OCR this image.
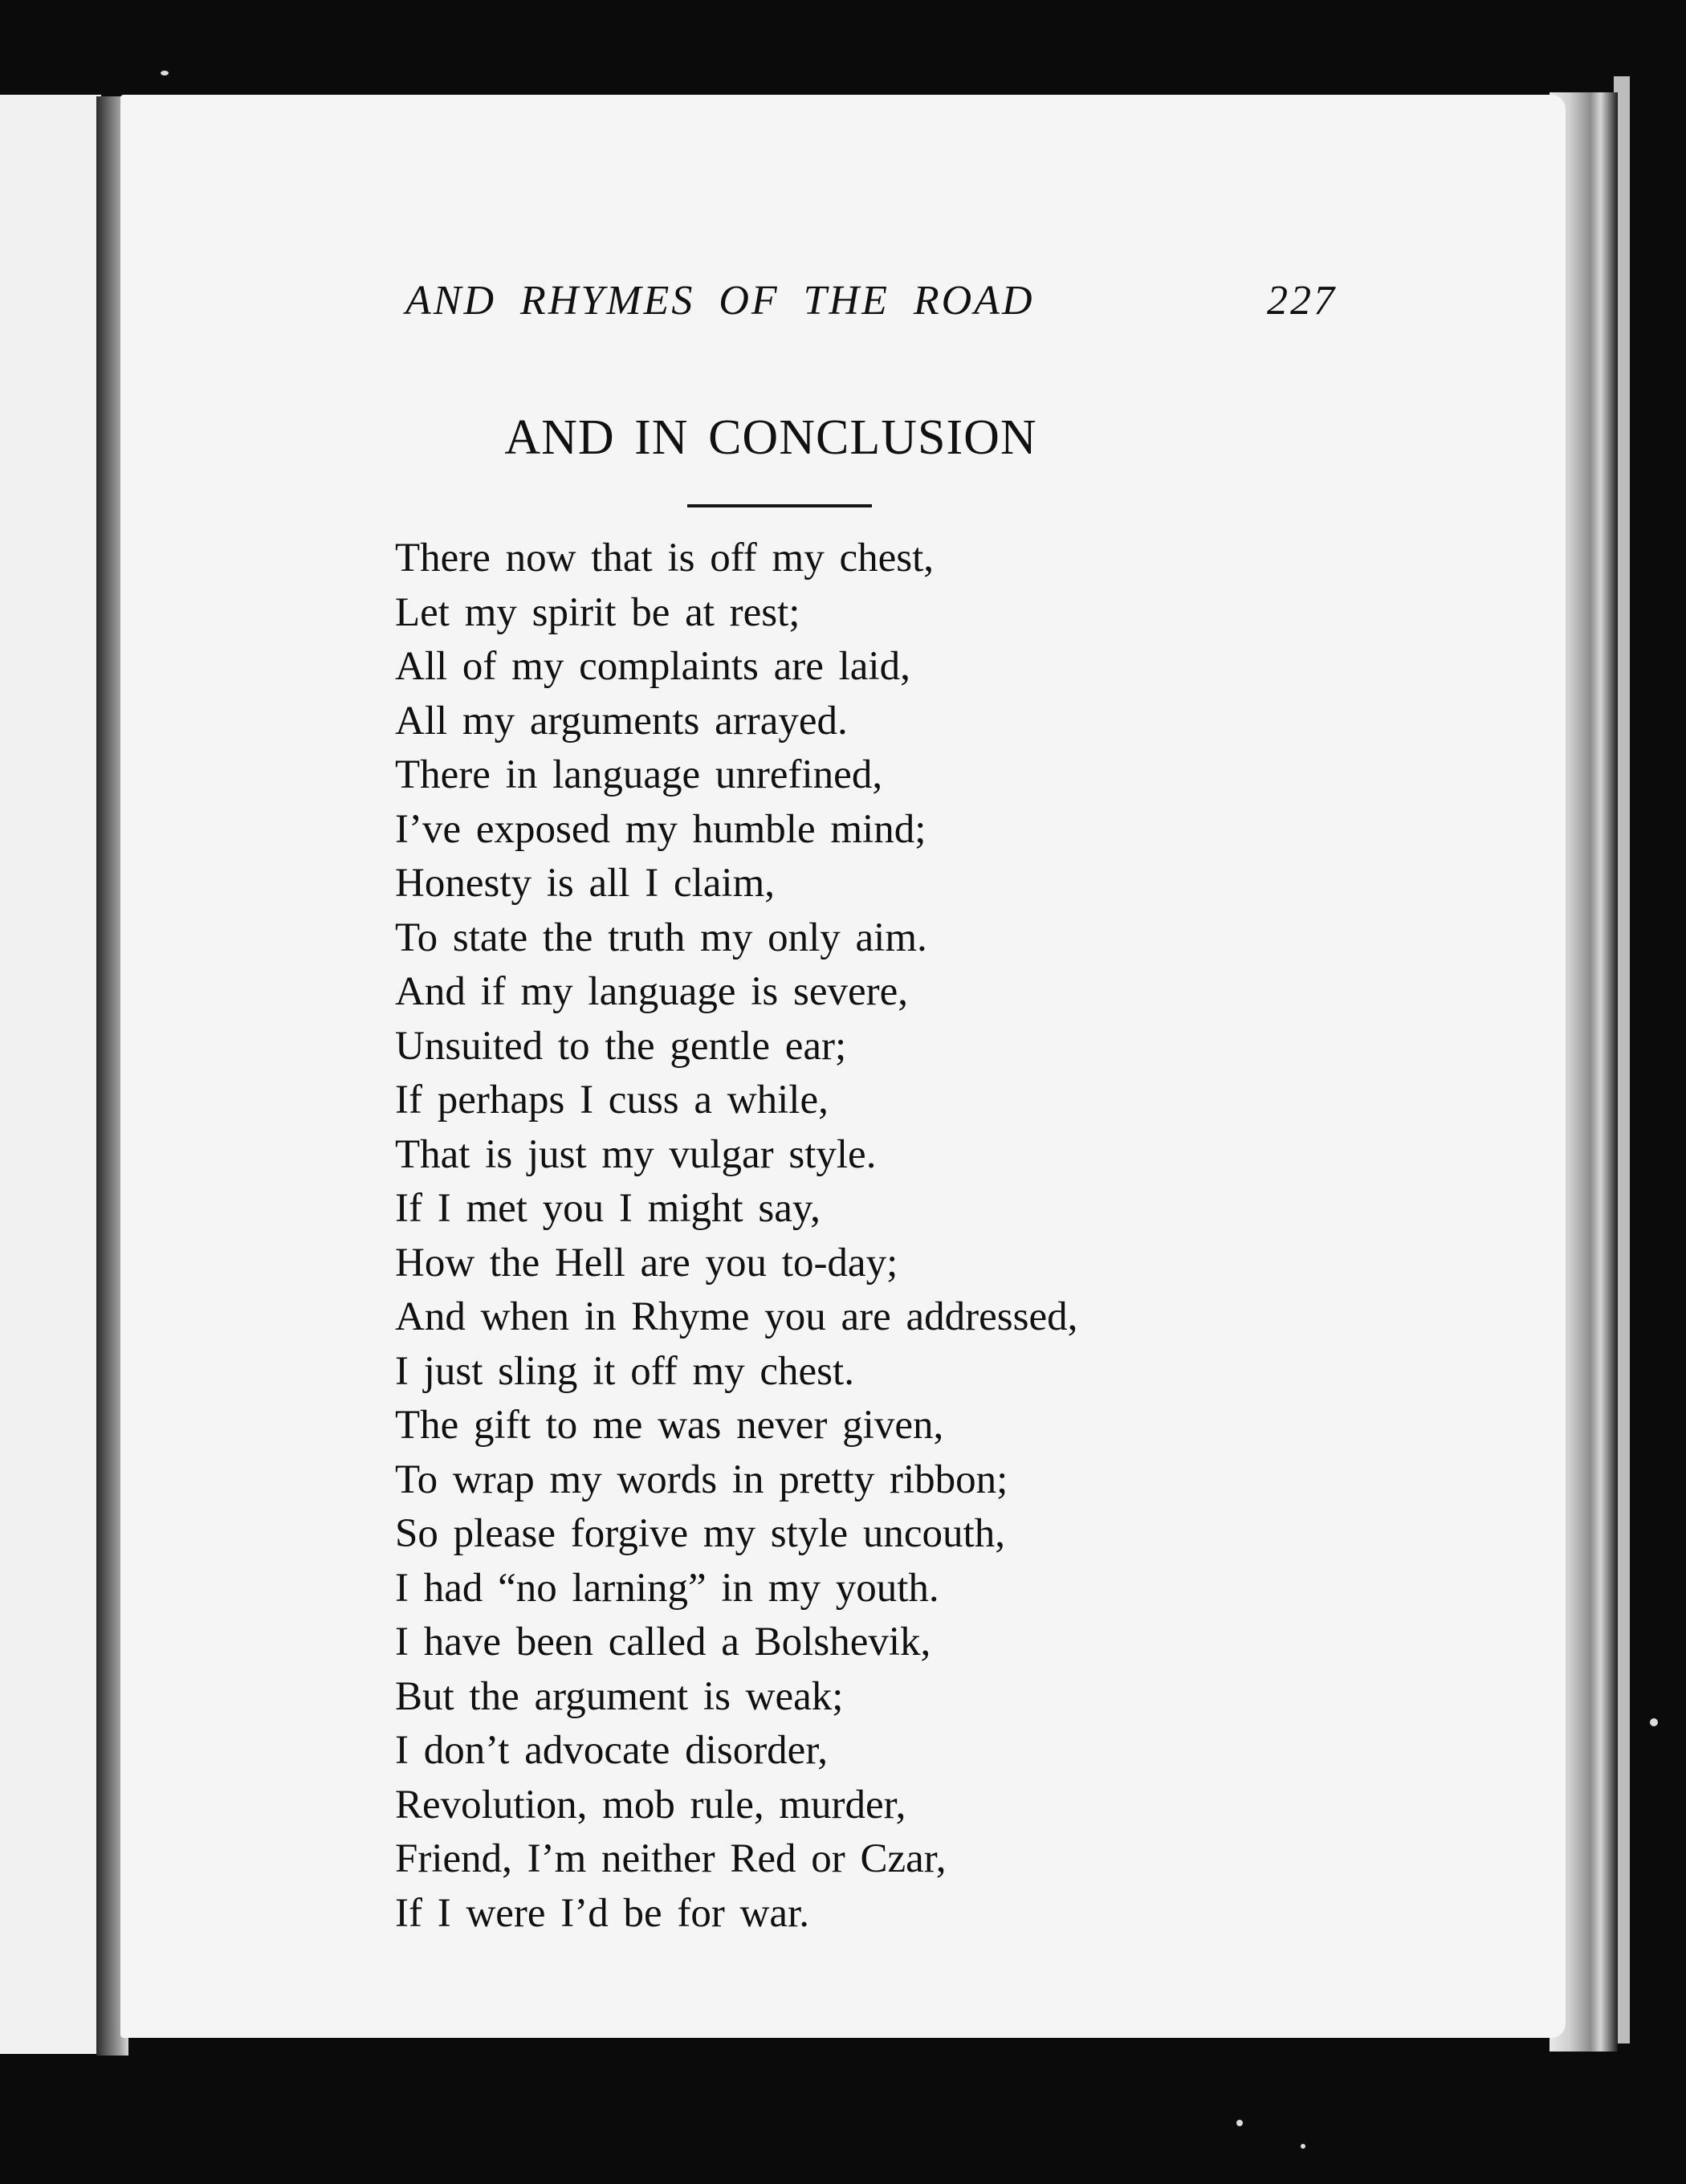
AND RHYMES OF THE ROAD	227
AND IN CONCLUSION
There now that is off my chest,
Let my spirit be at rest;
All of my complaints are laid,
All my arguments arrayed.
There in language unrefined,
I’ve exposed my humble mind;
Honesty is all I claim,
To state the truth my only aim.
And if my language is severe,
Unsuited to the gentle ear;
If perhaps I cuss a while,
That is just my vulgar style.
If I met you I might say,
How the Hell are you to-day;
And when in Rhyme you are addressed,
I just sling it off my chest.
The gift to me was never given,
To wrap my words in pretty ribbon;
So please forgive my style uncouth,
I had “no larning” in my youth.
I have been called a Bolshevik,
But the argument is weak;
I don’t advocate disorder,
Revolution, mob rule, murder,
Friend, I’m neither Red or Czar,
If I were I’d be for war.
